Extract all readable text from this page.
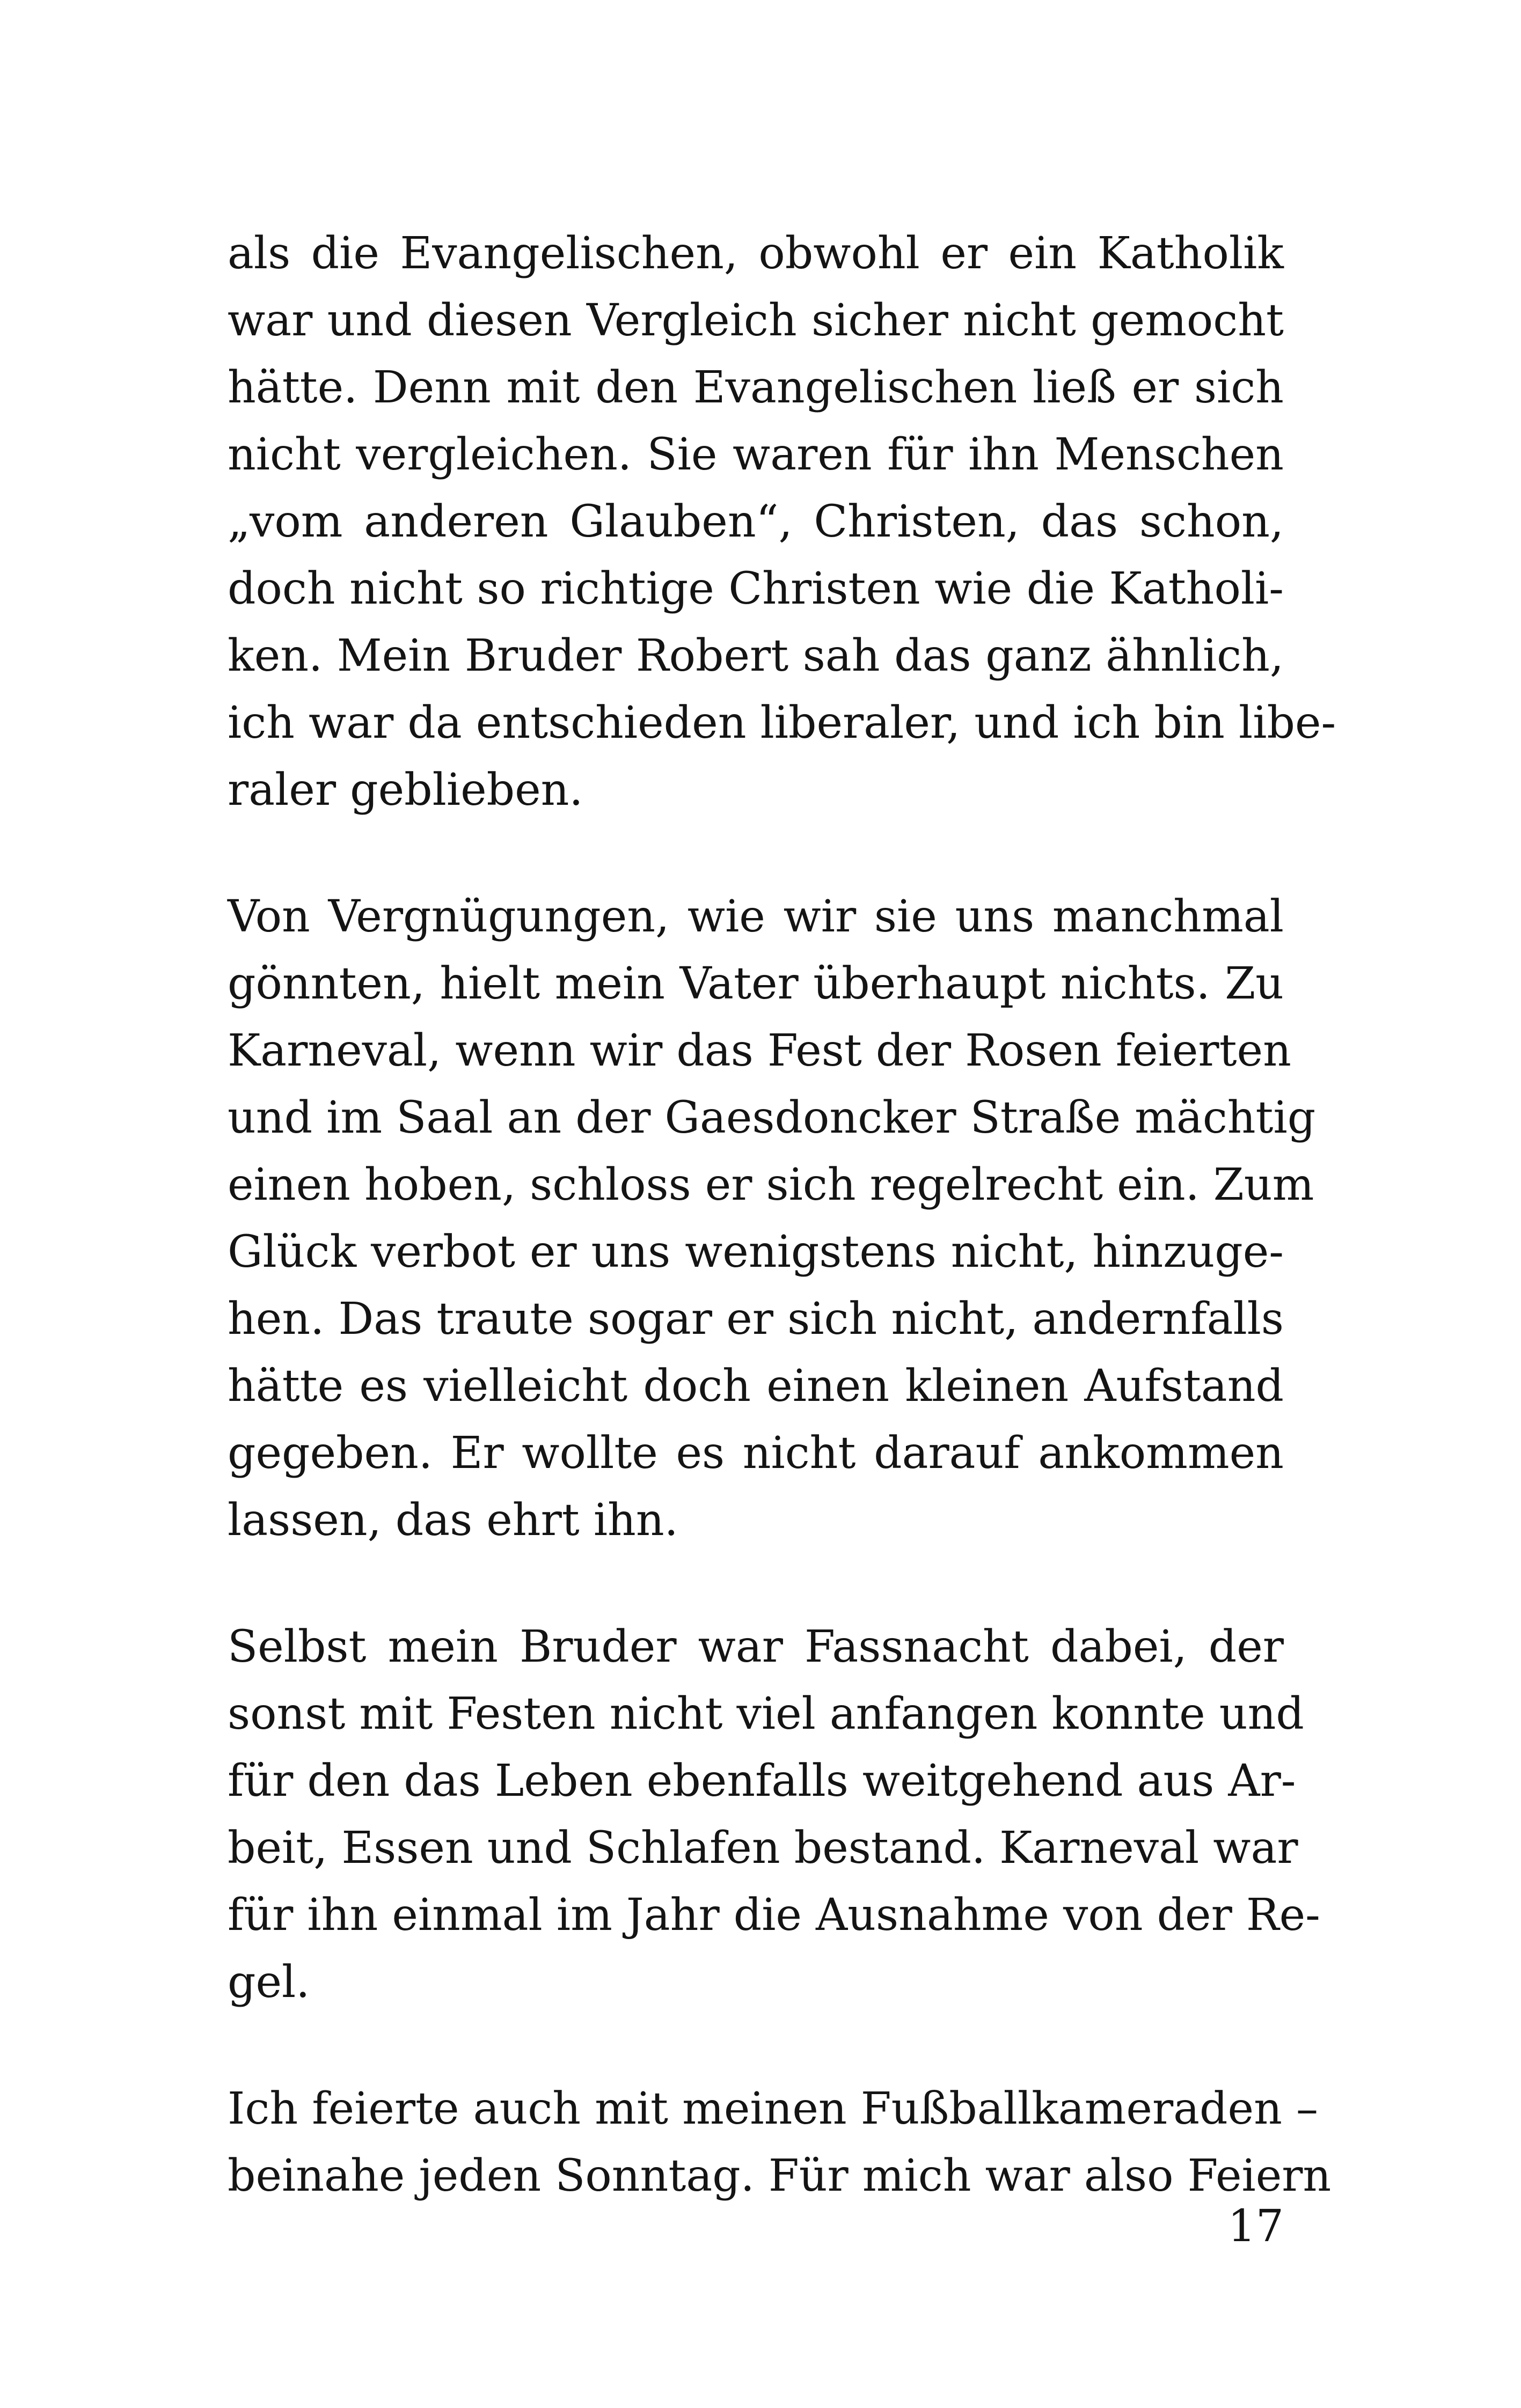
als die Evangelischen, obwohl er ein Katholik
war und diesen Vergleich sicher nicht gemocht
hätte. Denn mit den Evangelischen ließ er sich
nicht vergleichen. Sie waren für ihn Menschen
„vom anderen Glauben“, Christen, das schon,
doch nicht so richtige Christen wie die Katholi-
ken. Mein Bruder Robert sah das ganz ähnlich,
ich war da entschieden liberaler, und ich bin libe-
raler geblieben.
Von Vergnügungen, wie wir sie uns manchmal
gönnten, hielt mein Vater überhaupt nichts. Zu
Karneval, wenn wir das Fest der Rosen feierten
und im Saal an der Gaesdoncker Straße mächtig
einen hoben, schloss er sich regelrecht ein. Zum
Glück verbot er uns wenigstens nicht, hinzuge-
hen. Das traute sogar er sich nicht, andernfalls
hätte es vielleicht doch einen kleinen Aufstand
gegeben. Er wollte es nicht darauf ankommen
lassen, das ehrt ihn.
Selbst mein Bruder war Fassnacht dabei, der
sonst mit Festen nicht viel anfangen konnte und
für den das Leben ebenfalls weitgehend aus Ar-
beit, Essen und Schlafen bestand. Karneval war
für ihn einmal im Jahr die Ausnahme von der Re-
gel.
Ich feierte auch mit meinen Fußballkameraden –
beinahe jeden Sonntag. Für mich war also Feiern
17
